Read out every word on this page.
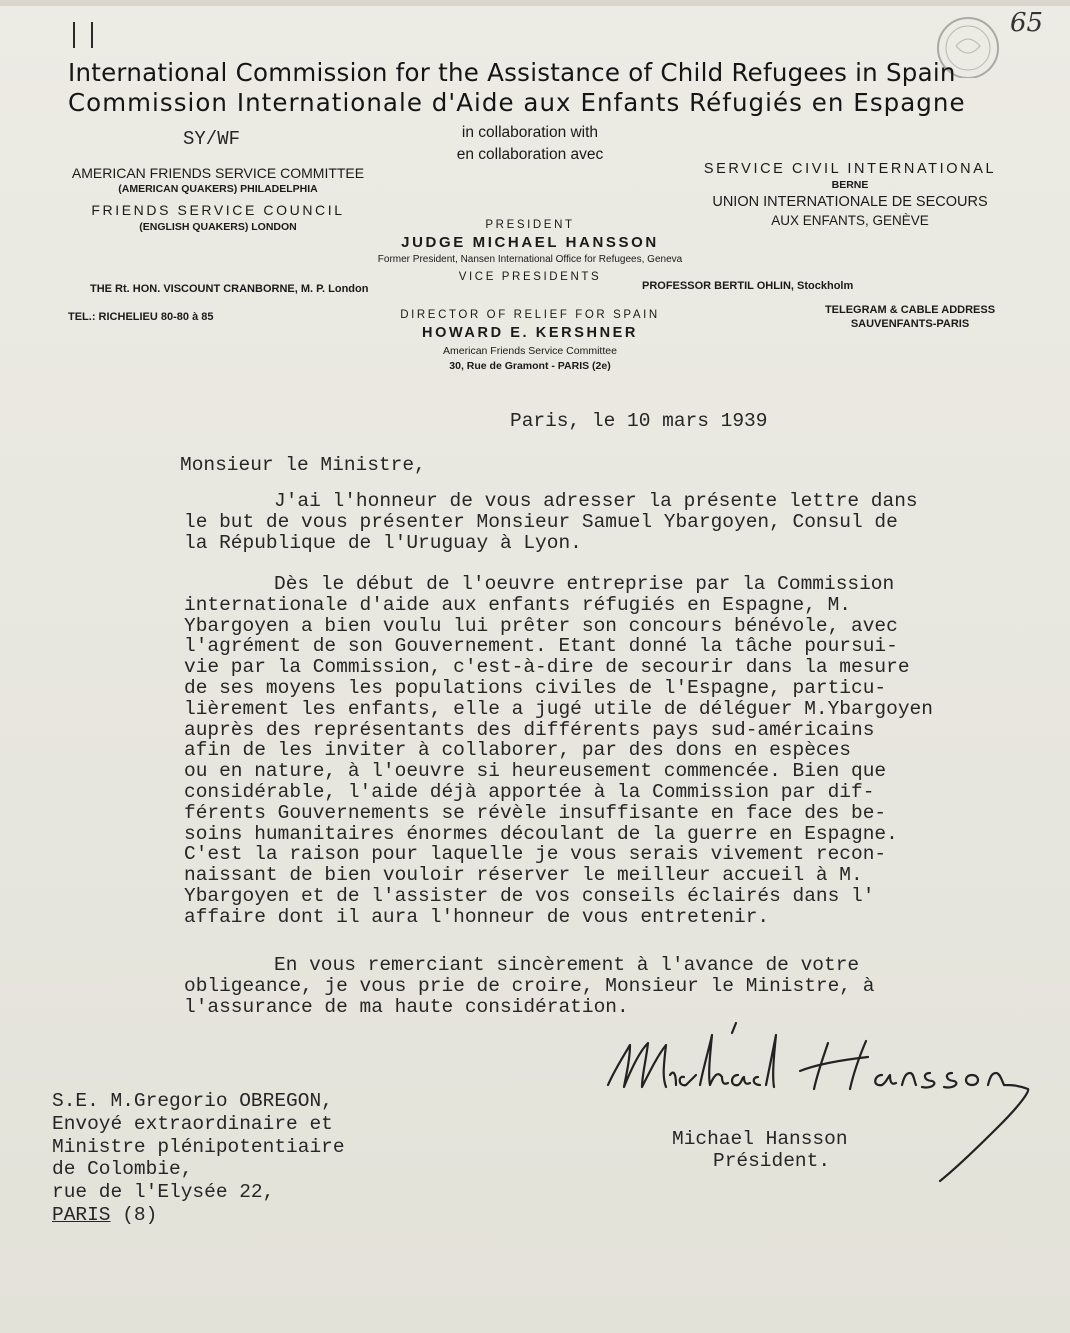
65
International Commission for the Assistance of Child Refugees in Spain
Commission Internationale d'Aide aux Enfants Réfugiés en Espagne
SY/WF	in collaboration with
en collaboration avec
AMERICAN FRIENDS SERVICE COMMITTEE
(AMERICAN QUAKERS) PHILADELPHIA
FRIENDS SERVICE COUNCIL
(ENGLISH QUAKERS) LONDON
SERVICE CIVIL INTERNATIONAL
BERNE
UNION INTERNATIONALE DE SECOURS
AUX ENFANTS, GENÈVE
PRESIDENT
JUDGE MICHAEL HANSSON
Former President, Nansen International Office for Refugees, Geneva
VICE PRESIDENTS
THE Rt. HON. VISCOUNT CRANBORNE, M. P. London	PROFESSOR BERTIL OHLIN, Stockholm
TEL.: RICHELIEU 80-80 à 85	DIRECTOR OF RELIEF FOR SPAIN
HOWARD E. KERSHNER
American Friends Service Committee
30, Rue de Gramont - PARIS (2e)
TELEGRAM & CABLE ADDRESS
SAUVENFANTS-PARIS
Paris, le 10 mars 1939
Monsieur le Ministre,
J'ai l'honneur de vous adresser la présente lettre dans
le but de vous présenter Monsieur Samuel Ybargoyen, Consul de
la République de l'Uruguay à Lyon.
Dès le début de l'oeuvre entreprise par la Commission
internationale d'aide aux enfants réfugiés en Espagne, M.
Ybargoyen a bien voulu lui prêter son concours bénévole, avec
l'agrément de son Gouvernement. Etant donné la tâche poursui-
vie par la Commission, c'est-à-dire de secourir dans la mesure
de ses moyens les populations civiles de l'Espagne, particu-
lièrement les enfants, elle a jugé utile de déléguer M.Ybargoyen
auprès des représentants des différents pays sud-américains
afin de les inviter à collaborer, par des dons en espèces
ou en nature, à l'oeuvre si heureusement commencée. Bien que
considérable, l'aide déjà apportée à la Commission par dif-
férents Gouvernements se révèle insuffisante en face des be-
soins humanitaires énormes découlant de la guerre en Espagne.
C'est la raison pour laquelle je vous serais vivement recon-
naissant de bien vouloir réserver le meilleur accueil à M.
Ybargoyen et de l'assister de vos conseils éclairés dans l'
affaire dont il aura l'honneur de vous entretenir.
En vous remerciant sincèrement à l'avance de votre
obligeance, je vous prie de croire, Monsieur le Ministre, à
l'assurance de ma haute considération.
Michael Hansson
Président.
S.E. M.Gregorio OBREGON,
Envoyé extraordinaire et
Ministre plénipotentiaire
de Colombie,
rue de l'Elysée 22,
PARIS (8)
